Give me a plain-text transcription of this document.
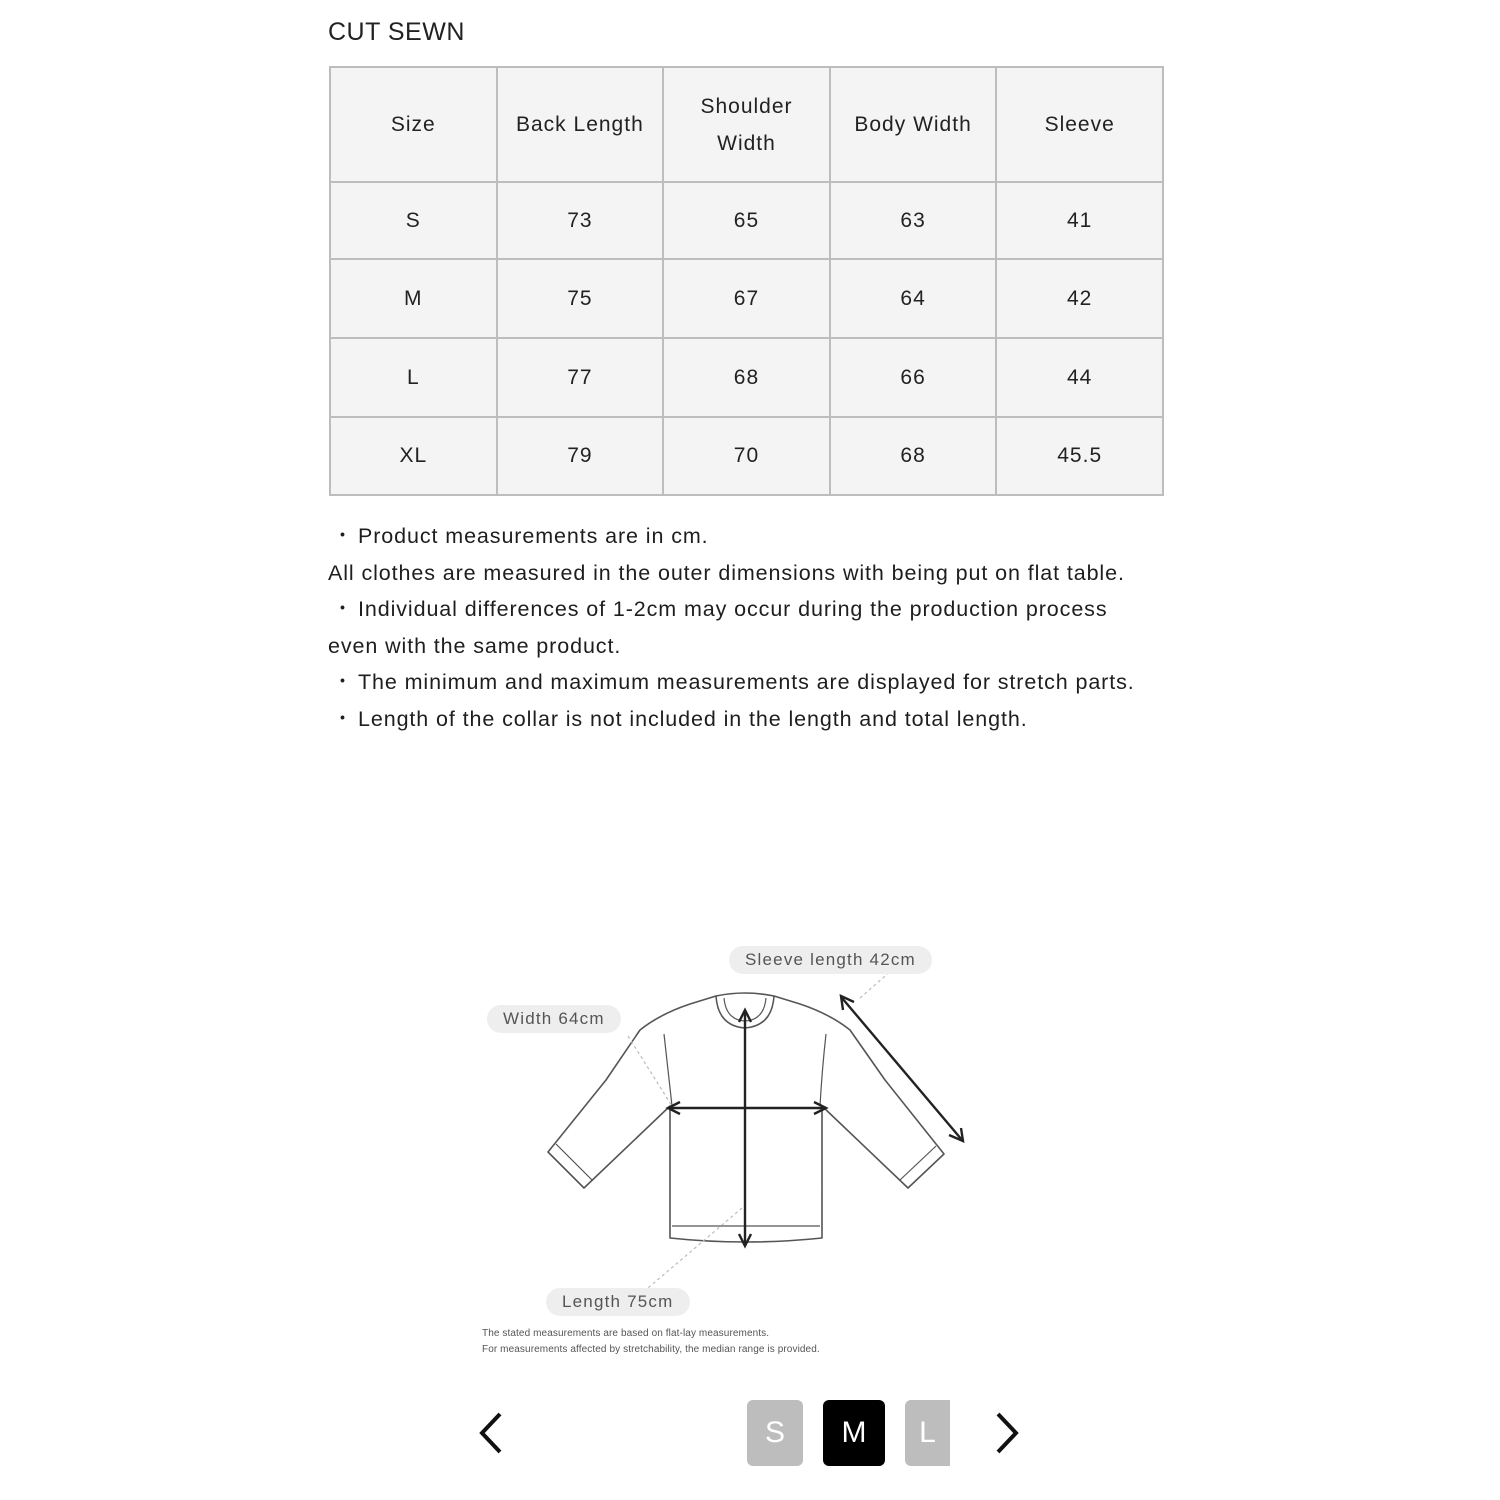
CUT SEWN
Size	Back Length	Shoulder Width	Body Width	Sleeve
S	73	65	63	41
M	75	67	64	42
L	77	68	66	44
XL	79	70	68	45.5

・ Product measurements are in cm.

All clothes are measured in the outer dimensions with being put on flat table.

・ Individual differences of 1-2cm may occur during the production process even with the same product.

・ The minimum and maximum measurements are displayed for stretch parts.

・ Length of the collar is not included in the length and total length.

Sleeve length 42cm
Width 64cm
Length 75cm

The stated measurements are based on flat-lay measurements.

For measurements affected by stretchability, the median range is provided.

S	M	L
